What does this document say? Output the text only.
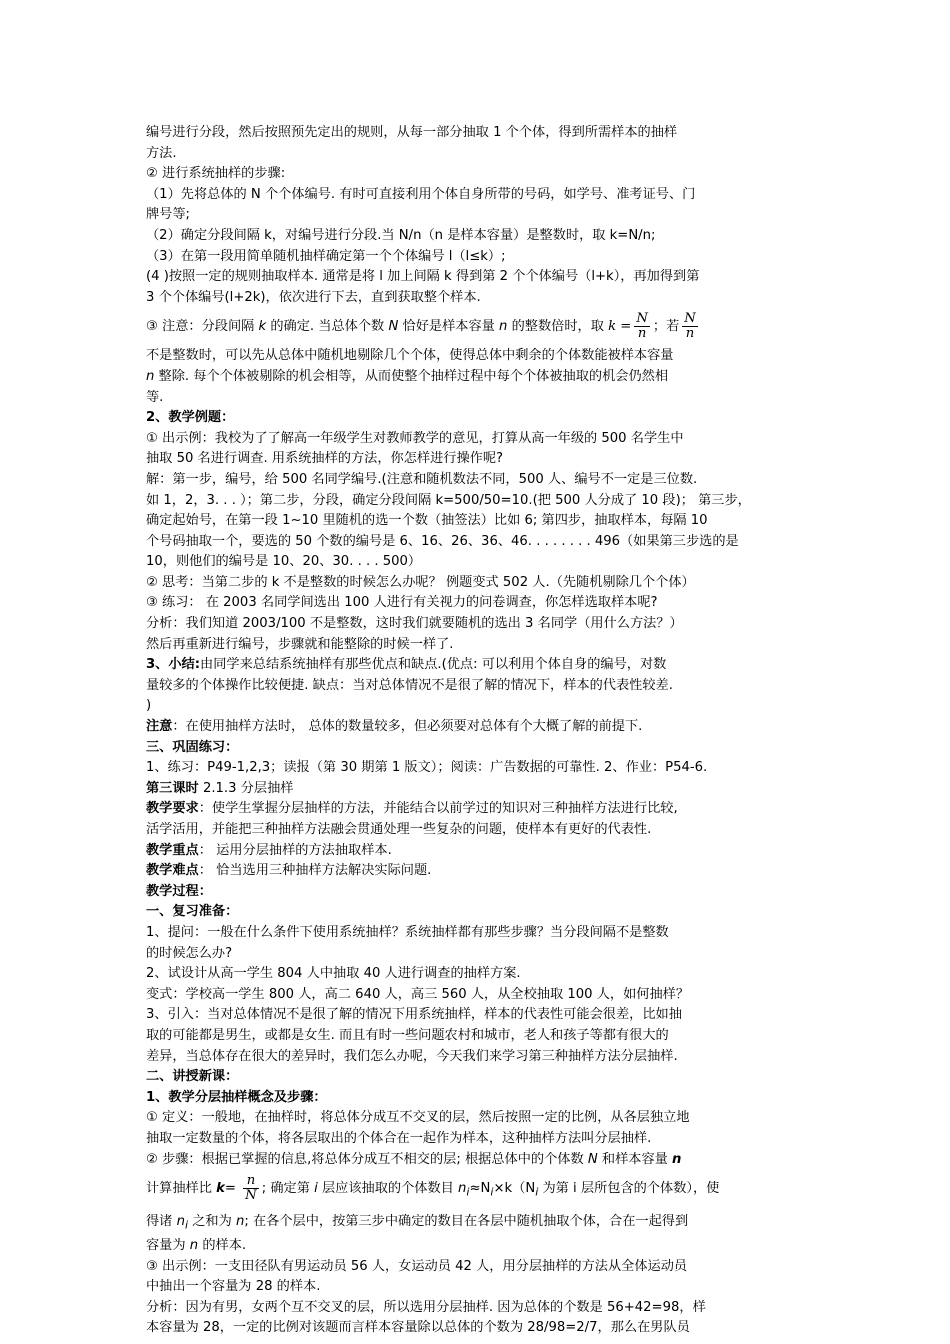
编号进行分段，然后按照预先定出的规则，从每一部分抽取 1 个个体，得到所需样本的抽样

方法.

② 进行系统抽样的步骤:

（1）先将总体的 N 个个体编号. 有时可直接利用个体自身所带的号码，如学号、准考证号、门

牌号等;

（2）确定分段间隔 k，对编号进行分段.当 N/n（n 是样本容量）是整数时，取 k=N/n;

（3）在第一段用简单随机抽样确定第一个个体编号 l（l≤k）;

(4 )按照一定的规则抽取样本. 通常是将 l 加上间隔 k 得到第 2 个个体编号（l+k），再加得到第

3 个个体编号(l+2k)，依次进行下去，直到获取整个样本.

③ 注意：分段间隔 k 的确定. 当总体个数 N 恰好是样本容量 n 的整数倍时，取 $k = \frac{N}{n}$ ；若 $\frac{N}{n}$

不是整数时，可以先从总体中随机地剔除几个个体，使得总体中剩余的个体数能被样本容量

n 整除. 每个个体被剔除的机会相等，从而使整个抽样过程中每个个体被抽取的机会仍然相

等.

2、教学例题：

① 出示例：我校为了了解高一年级学生对教师教学的意见，打算从高一年级的 500 名学生中

抽取 50 名进行调查. 用系统抽样的方法，你怎样进行操作呢?

解：第一步，编号，给 500 名同学编号.(注意和随机数法不同，500 人、编号不一定是三位数.

如 1，2，3. . . ）；第二步，分段，确定分段间隔 k=500/50=10.(把 500 人分成了 10 段)； 第三步，

确定起始号，在第一段 1~10 里随机的选一个数（抽签法）比如 6; 第四步，抽取样本，每隔 10

个号码抽取一个，要选的 50 个数的编号是 6、16、26、36、46. . . . . . . . 496（如果第三步选的是

10，则他们的编号是 10、20、30. . . . 500）

② 思考：当第二步的 k 不是整数的时候怎么办呢？ 例题变式 502 人.（先随机剔除几个个体）

③ 练习： 在 2003 名同学间选出 100 人进行有关视力的问卷调查，你怎样选取样本呢?

分析：我们知道 2003/100 不是整数，这时我们就要随机的选出 3 名同学（用什么方法？）

然后再重新进行编号，步骤就和能整除的时候一样了.

3、小结:由同学来总结系统抽样有那些优点和缺点.(优点: 可以利用个体自身的编号，对数

量较多的个体操作比较便捷. 缺点：当对总体情况不是很了解的情况下，样本的代表性较差.

)

注意：在使用抽样方法时， 总体的数量较多，但必须要对总体有个大概了解的前提下.

三、巩固练习：

1、练习：P49-1,2,3；读报（第 30 期第 1 版文）；阅读：广告数据的可靠性. 2、作业：P54-6.

第三课时 2.1.3 分层抽样

教学要求：使学生掌握分层抽样的方法，并能结合以前学过的知识对三种抽样方法进行比较,

活学活用，并能把三种抽样方法融会贯通处理一些复杂的问题，使样本有更好的代表性.

教学重点： 运用分层抽样的方法抽取样本.

教学难点： 恰当选用三种抽样方法解决实际问题.

教学过程：

一、复习准备：

1、提问：一般在什么条件下使用系统抽样？系统抽样都有那些步骤？当分段间隔不是整数

的时候怎么办?

2、试设计从高一学生 804 人中抽取 40 人进行调查的抽样方案.

变式：学校高一学生 800 人，高二 640 人，高三 560 人，从全校抽取 100 人，如何抽样？

3、引入：当对总体情况不是很了解的情况下用系统抽样，样本的代表性可能会很差，比如抽

取的可能都是男生，或都是女生. 而且有时一些问题农村和城市，老人和孩子等都有很大的

差异，当总体存在很大的差异时，我们怎么办呢，今天我们来学习第三种抽样方法分层抽样.

二、讲授新课：

1、教学分层抽样概念及步骤：

① 定义：一般地，在抽样时，将总体分成互不交叉的层，然后按照一定的比例，从各层独立地

抽取一定数量的个体，将各层取出的个体合在一起作为样本，这种抽样方法叫分层抽样.

② 步骤：根据已掌握的信息,将总体分成互不相交的层; 根据总体中的个体数 N 和样本容量 n

计算抽样比 $k= \frac{n}{N}$ ; 确定第 i 层应该抽取的个体数目 $n_i\approx N_i\times k(N_i$ 为第 i 层所包含的个体数），使

得诸 $n_i$ 之和为 n; 在各个层中，按第三步中确定的数目在各层中随机抽取个体，合在一起得到

容量为 n 的样本.

③ 出示例：一支田径队有男运动员 56 人，女运动员 42 人，用分层抽样的方法从全体运动员

中抽出一个容量为 28 的样本.

分析：因为有男，女两个互不交叉的层，所以选用分层抽样. 因为总体的个数是 56+42=98，样

本容量为 28，一定的比例对该题而言样本容量除以总体的个数为 28/98=2/7，那么在男队员
